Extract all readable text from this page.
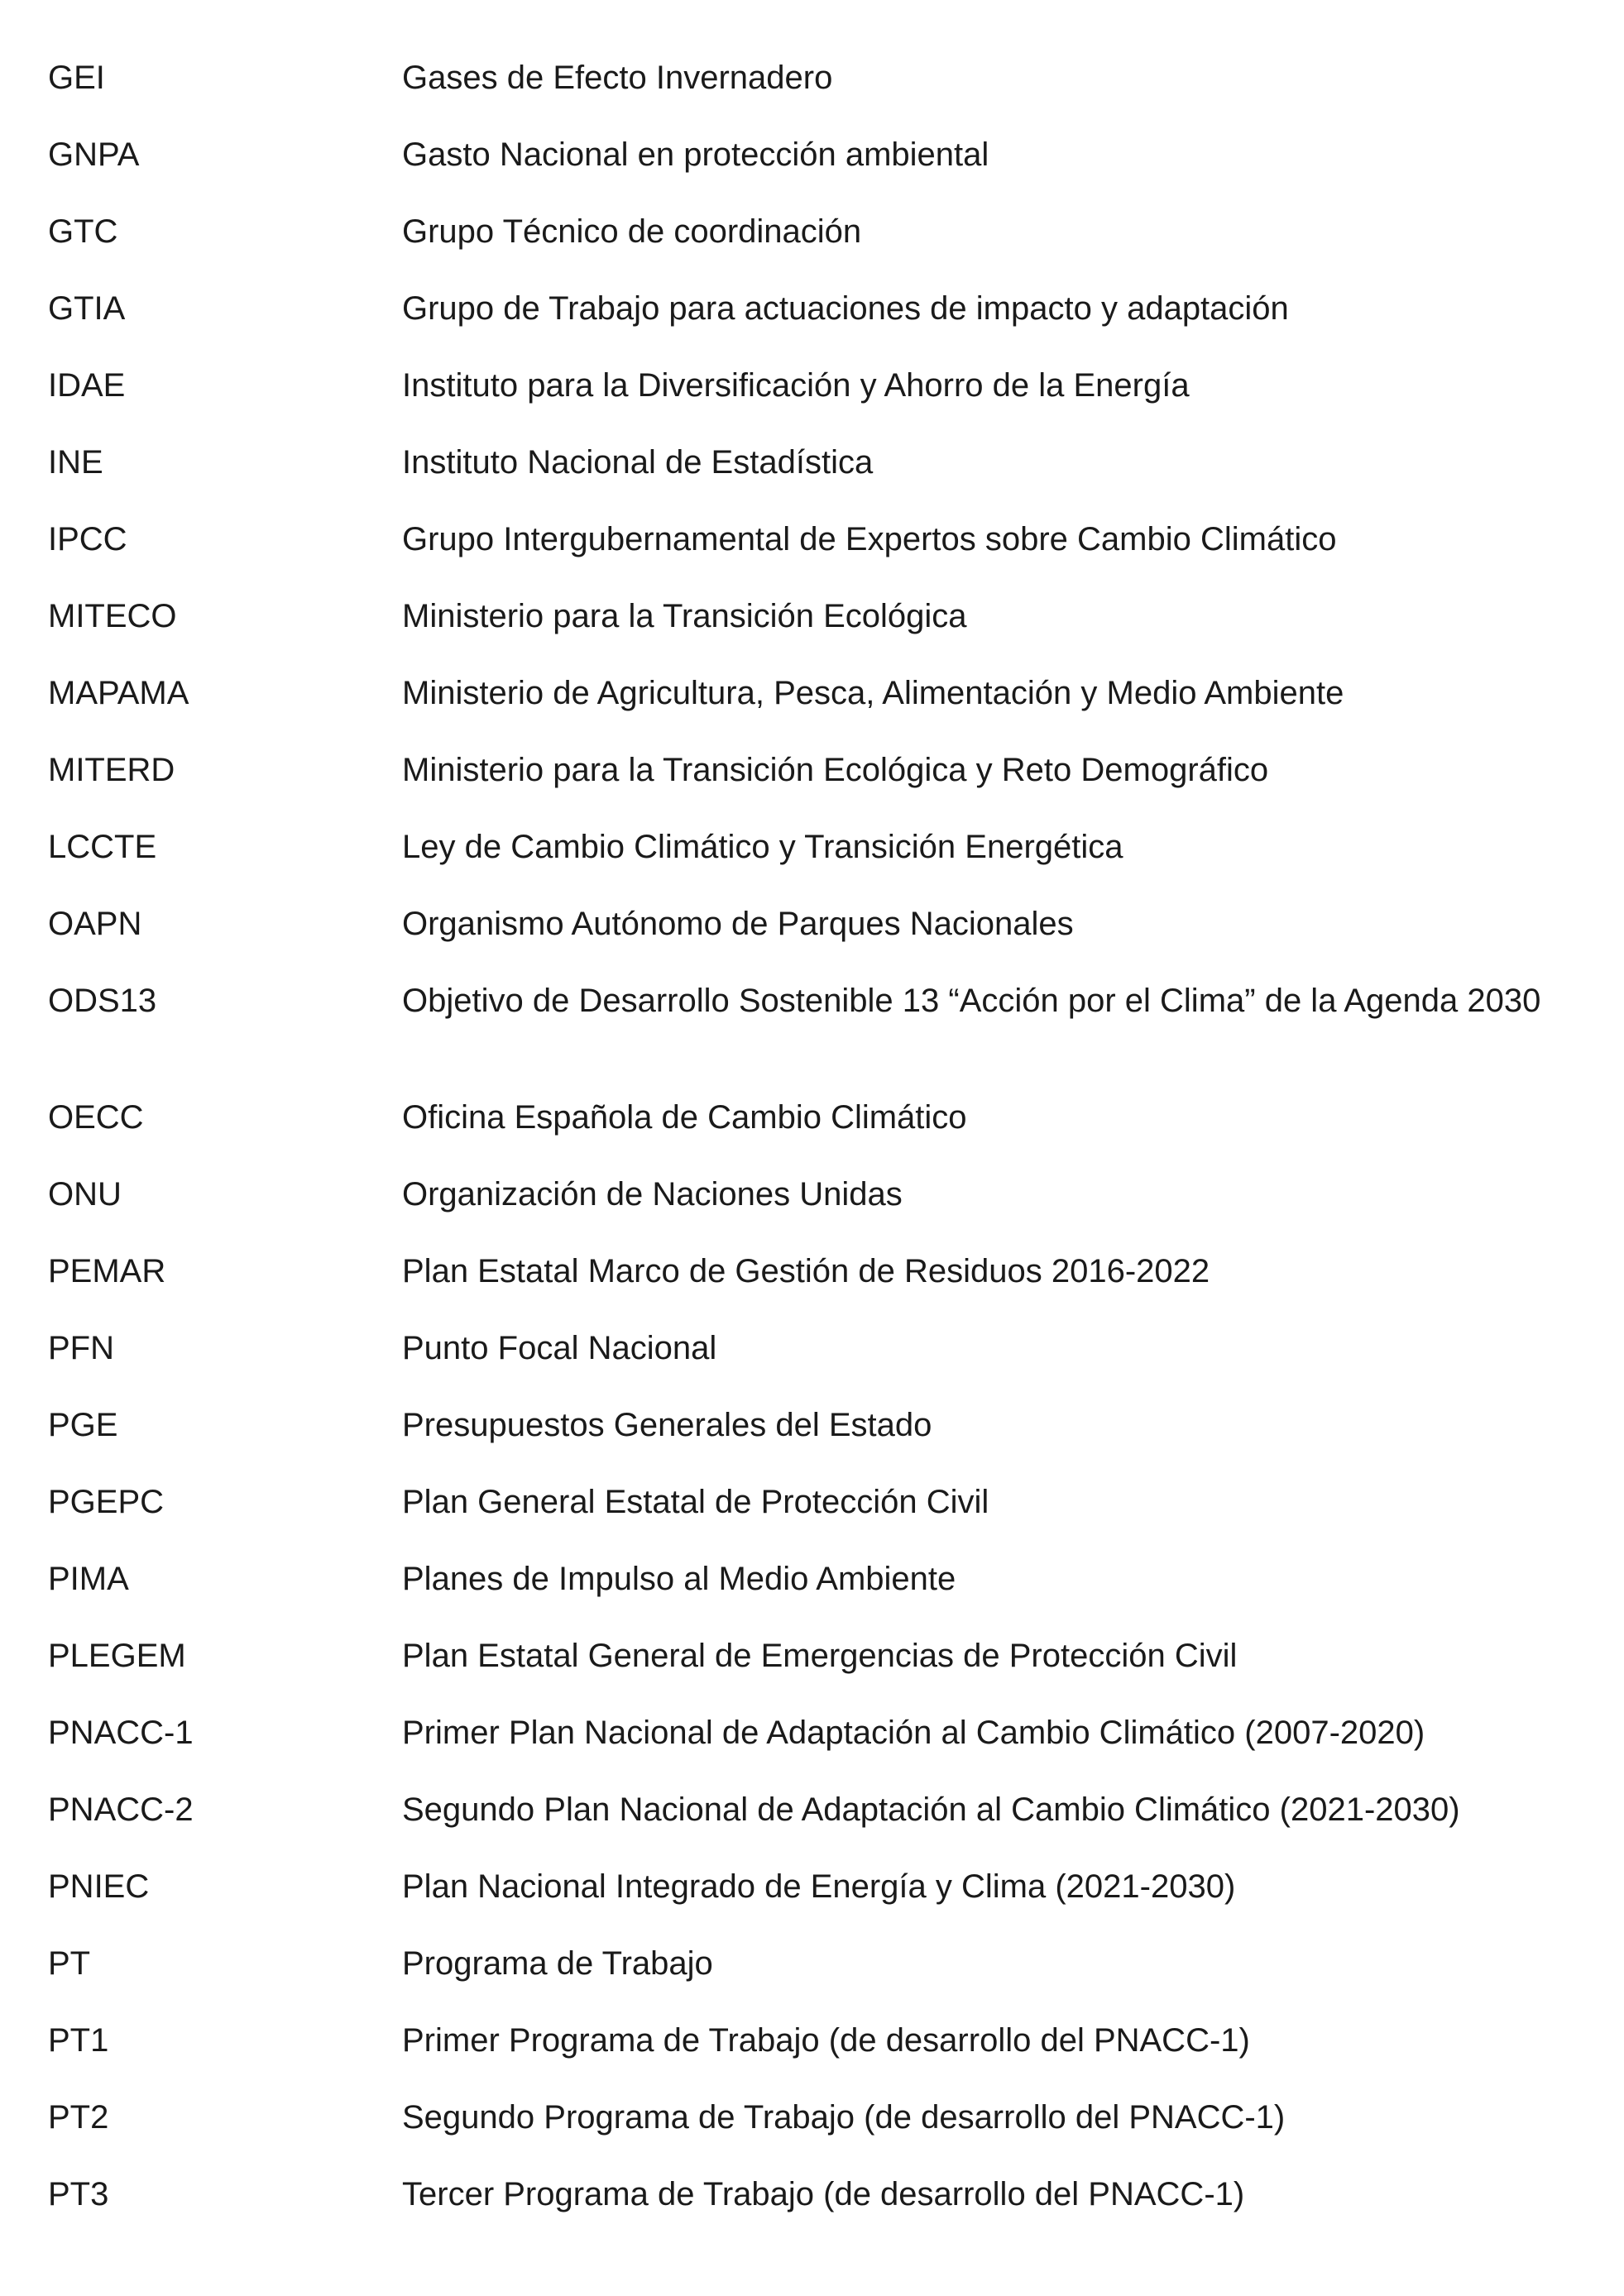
GEI	Gases de Efecto Invernadero
GNPA	Gasto Nacional en protección ambiental
GTC	Grupo Técnico de coordinación
GTIA	Grupo de Trabajo para actuaciones de impacto y adaptación
IDAE	Instituto para la Diversificación y Ahorro de la Energía
INE	Instituto Nacional de Estadística
IPCC	Grupo Intergubernamental de Expertos sobre Cambio Climático
MITECO	Ministerio para la Transición Ecológica
MAPAMA	Ministerio de Agricultura, Pesca, Alimentación y Medio Ambiente
MITERD	Ministerio para la Transición Ecológica y Reto Demográfico
LCCTE	Ley de Cambio Climático y Transición Energética
OAPN	Organismo Autónomo de Parques Nacionales
ODS13	Objetivo de Desarrollo Sostenible 13 “Acción por el Clima” de la Agenda 2030
OECC	Oficina Española de Cambio Climático
ONU	Organización de Naciones Unidas
PEMAR	Plan Estatal Marco de Gestión de Residuos 2016-2022
PFN	Punto Focal Nacional
PGE	Presupuestos Generales del Estado
PGEPC	Plan General Estatal de Protección Civil
PIMA	Planes de Impulso al Medio Ambiente
PLEGEM	Plan Estatal General de Emergencias de Protección Civil
PNACC-1	Primer Plan Nacional de Adaptación al Cambio Climático (2007-2020)
PNACC-2	Segundo Plan Nacional de Adaptación al Cambio Climático (2021-2030)
PNIEC	Plan Nacional Integrado de Energía y Clima (2021-2030)
PT	Programa de Trabajo
PT1	Primer Programa de Trabajo (de desarrollo del PNACC-1)
PT2	Segundo Programa de Trabajo (de desarrollo del PNACC-1)
PT3	Tercer Programa de Trabajo (de desarrollo del PNACC-1)
